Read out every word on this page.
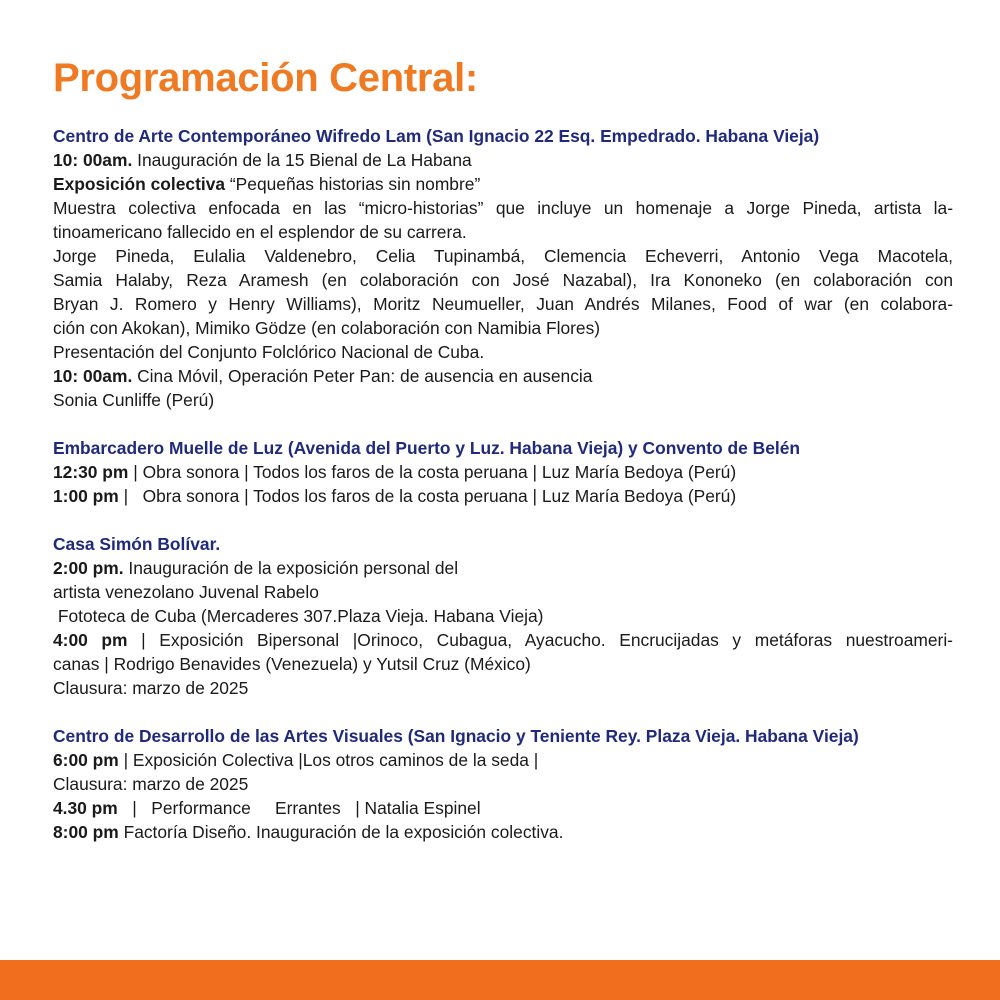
Programación Central:
Centro de Arte Contemporáneo Wifredo Lam (San Ignacio 22 Esq. Empedrado. Habana Vieja)
10: 00am. Inauguración de la 15 Bienal de La Habana
Exposición colectiva “Pequeñas historias sin nombre”
Muestra colectiva enfocada en las “micro-historias” que incluye un homenaje a Jorge Pineda, artista la-
tinoamericano fallecido en el esplendor de su carrera.
Jorge Pineda, Eulalia Valdenebro, Celia Tupinambá, Clemencia Echeverri, Antonio Vega Macotela,
Samia Halaby, Reza Aramesh (en colaboración con José Nazabal), Ira Kononeko (en colaboración con
Bryan J. Romero y Henry Williams), Moritz Neumueller, Juan Andrés Milanes, Food of war (en colabora-
ción con Akokan), Mimiko Gödze (en colaboración con Namibia Flores)
Presentación del Conjunto Folclórico Nacional de Cuba.
10: 00am. Cina Móvil, Operación Peter Pan: de ausencia en ausencia
Sonia Cunliffe (Perú)
Embarcadero Muelle de Luz (Avenida del Puerto y Luz. Habana Vieja) y Convento de Belén
12:30 pm | Obra sonora | Todos los faros de la costa peruana | Luz María Bedoya (Perú)
1:00 pm |   Obra sonora | Todos los faros de la costa peruana | Luz María Bedoya (Perú)
Casa Simón Bolívar.
2:00 pm. Inauguración de la exposición personal del
artista venezolano Juvenal Rabelo
Fototeca de Cuba (Mercaderes 307.Plaza Vieja. Habana Vieja)
4:00 pm | Exposición Bipersonal |Orinoco, Cubagua, Ayacucho. Encrucijadas y metáforas nuestroameri-
canas | Rodrigo Benavides (Venezuela) y Yutsil Cruz (México)
Clausura: marzo de 2025
Centro de Desarrollo de las Artes Visuales (San Ignacio y Teniente Rey. Plaza Vieja. Habana Vieja)
6:00 pm | Exposición Colectiva |Los otros caminos de la seda |
Clausura: marzo de 2025
4.30 pm   |   Performance     Errantes   | Natalia Espinel
8:00 pm Factoría Diseño. Inauguración de la exposición colectiva.
